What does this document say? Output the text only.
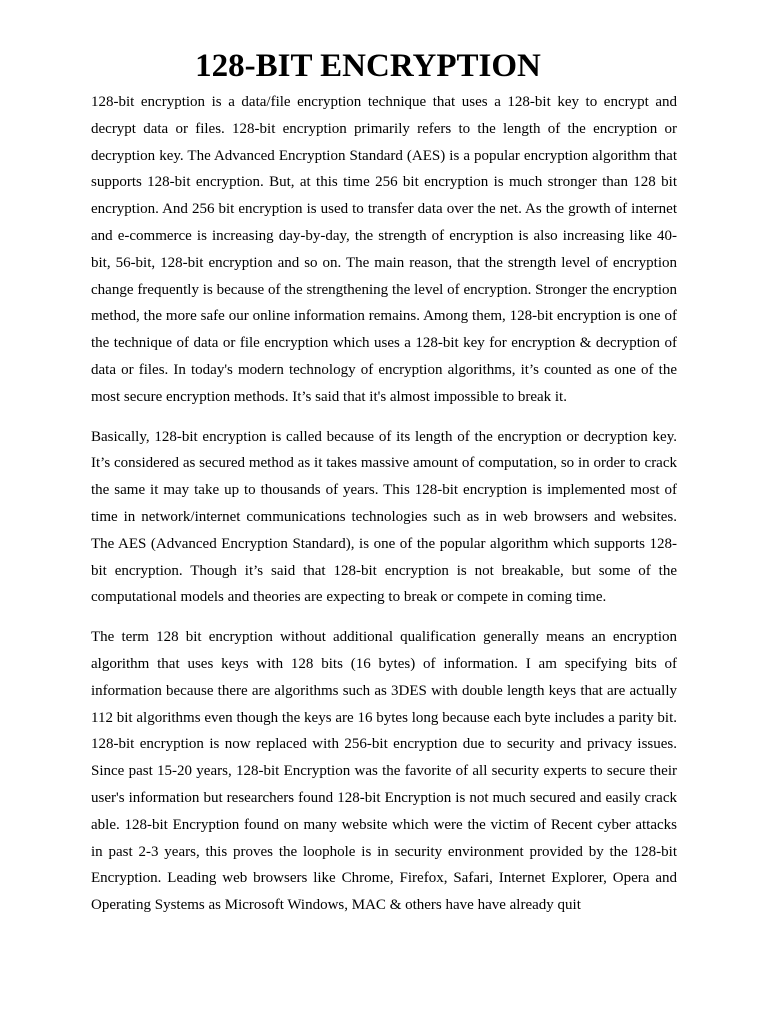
128-BIT ENCRYPTION

128-bit encryption is a data/file encryption technique that uses a 128-bit key to encrypt and decrypt data or files. 128-bit encryption primarily refers to the length of the encryption or decryption key. The Advanced Encryption Standard (AES) is a popular encryption algorithm that supports 128-bit encryption. But, at this time 256 bit encryption is much stronger than 128 bit encryption. And 256 bit encryption is used to transfer data over the net. As the growth of internet and e-commerce is increasing day-by-day, the strength of encryption is also increasing like 40-bit, 56-bit, 128-bit encryption and so on. The main reason, that the strength level of encryption change frequently is because of the strengthening the level of encryption. Stronger the encryption method, the more safe our online information remains. Among them, 128-bit encryption is one of the technique of data or file encryption which uses a 128-bit key for encryption & decryption of data or files. In today's modern technology of encryption algorithms, it’s counted as one of the most secure encryption methods. It’s said that it's almost impossible to break it.

Basically, 128-bit encryption is called because of its length of the encryption or decryption key. It’s considered as secured method as it takes massive amount of computation, so in order to crack the same it may take up to thousands of years. This 128-bit encryption is implemented most of time in network/internet communications technologies such as in web browsers and websites. The AES (Advanced Encryption Standard), is one of the popular algorithm which supports 128-bit encryption. Though it’s said that 128-bit encryption is not breakable, but some of the computational models and theories are expecting to break or compete in coming time.

The term 128 bit encryption without additional qualification generally means an encryption algorithm that uses keys with 128 bits (16 bytes) of information. I am specifying bits of information because there are algorithms such as 3DES with double length keys that are actually 112 bit algorithms even though the keys are 16 bytes long because each byte includes a parity bit. 128-bit encryption is now replaced with 256-bit encryption due to security and privacy issues. Since past 15-20 years, 128-bit Encryption was the favorite of all security experts to secure their user's information but researchers found 128-bit Encryption is not much secured and easily crack able. 128-bit Encryption found on many website which were the victim of Recent cyber attacks in past 2-3 years, this proves the loophole is in security environment provided by the 128-bit Encryption. Leading web browsers like Chrome, Firefox, Safari, Internet Explorer, Opera and Operating Systems as Microsoft Windows, MAC & others have have already quit
